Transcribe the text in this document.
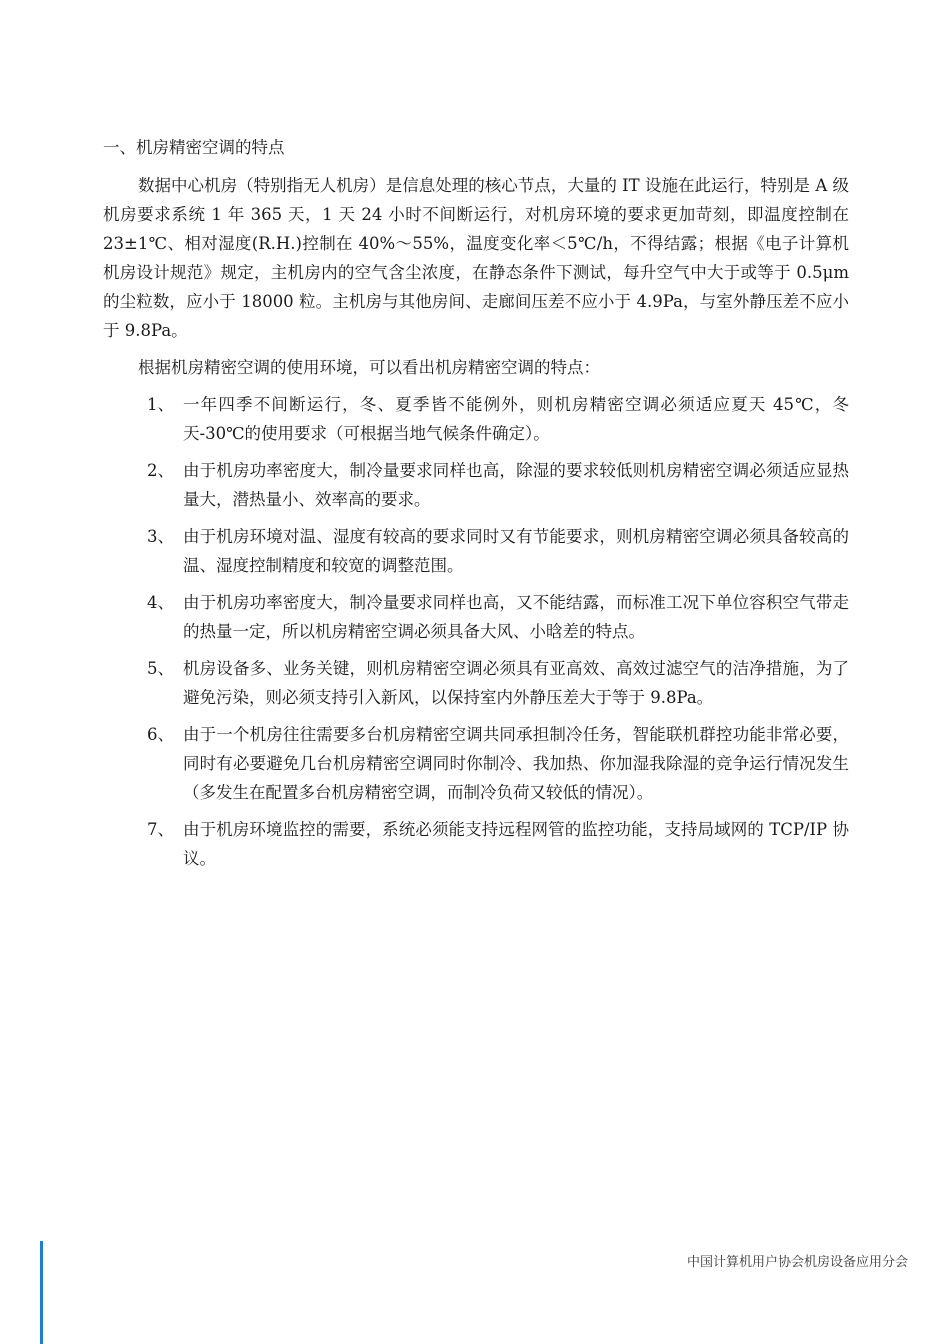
一、机房精密空调的特点

数据中心机房（特别指无人机房）是信息处理的核心节点，大量的 IT 设施在此运行，特别是 A 级机房要求系统 1 年 365 天，1 天 24 小时不间断运行，对机房环境的要求更加苛刻，即温度控制在 23±1℃、相对湿度(R.H.)控制在 40%～55%，温度变化率＜5℃/h，不得结露；根据《电子计算机机房设计规范》规定，主机房内的空气含尘浓度，在静态条件下测试，每升空气中大于或等于 0.5μm 的尘粒数，应小于 18000 粒。主机房与其他房间、走廊间压差不应小于 4.9Pa，与室外静压差不应小于 9.8Pa。

根据机房精密空调的使用环境，可以看出机房精密空调的特点：

1、 一年四季不间断运行，冬、夏季皆不能例外，则机房精密空调必须适应夏天 45℃，冬天-30℃的使用要求（可根据当地气候条件确定）。
2、 由于机房功率密度大，制冷量要求同样也高，除湿的要求较低则机房精密空调必须适应显热量大，潜热量小、效率高的要求。
3、 由于机房环境对温、湿度有较高的要求同时又有节能要求，则机房精密空调必须具备较高的温、湿度控制精度和较宽的调整范围。
4、 由于机房功率密度大，制冷量要求同样也高，又不能结露，而标准工况下单位容积空气带走的热量一定，所以机房精密空调必须具备大风、小晗差的特点。
5、 机房设备多、业务关键，则机房精密空调必须具有亚高效、高效过滤空气的洁净措施，为了避免污染，则必须支持引入新风，以保持室内外静压差大于等于 9.8Pa。
6、 由于一个机房往往需要多台机房精密空调共同承担制冷任务，智能联机群控功能非常必要，同时有必要避免几台机房精密空调同时你制冷、我加热、你加湿我除湿的竞争运行情况发生（多发生在配置多台机房精密空调，而制冷负荷又较低的情况）。
7、 由于机房环境监控的需要，系统必须能支持远程网管的监控功能，支持局域网的 TCP/IP 协议。
中国计算机用户协会机房设备应用分会
